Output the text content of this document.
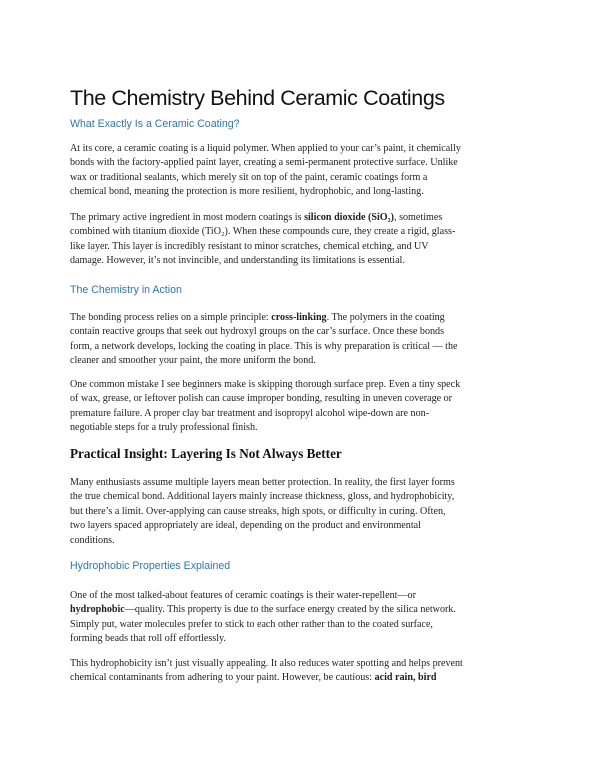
The Chemistry Behind Ceramic Coatings
What Exactly Is a Ceramic Coating?

At its core, a ceramic coating is a liquid polymer. When applied to your car’s paint, it chemically
bonds with the factory-applied paint layer, creating a semi-permanent protective surface. Unlike
wax or traditional sealants, which merely sit on top of the paint, ceramic coatings form a
chemical bond, meaning the protection is more resilient, hydrophobic, and long-lasting.

The primary active ingredient in most modern coatings is silicon dioxide (SiO₂), sometimes
combined with titanium dioxide (TiO₂). When these compounds cure, they create a rigid, glass-
like layer. This layer is incredibly resistant to minor scratches, chemical etching, and UV
damage. However, it’s not invincible, and understanding its limitations is essential.

The Chemistry in Action

The bonding process relies on a simple principle: cross-linking. The polymers in the coating
contain reactive groups that seek out hydroxyl groups on the car’s surface. Once these bonds
form, a network develops, locking the coating in place. This is why preparation is critical — the
cleaner and smoother your paint, the more uniform the bond.

One common mistake I see beginners make is skipping thorough surface prep. Even a tiny speck
of wax, grease, or leftover polish can cause improper bonding, resulting in uneven coverage or
premature failure. A proper clay bar treatment and isopropyl alcohol wipe-down are non-
negotiable steps for a truly professional finish.

Practical Insight: Layering Is Not Always Better

Many enthusiasts assume multiple layers mean better protection. In reality, the first layer forms
the true chemical bond. Additional layers mainly increase thickness, gloss, and hydrophobicity,
but there’s a limit. Over-applying can cause streaks, high spots, or difficulty in curing. Often,
two layers spaced appropriately are ideal, depending on the product and environmental
conditions.

Hydrophobic Properties Explained

One of the most talked-about features of ceramic coatings is their water-repellent—or
hydrophobic—quality. This property is due to the surface energy created by the silica network.
Simply put, water molecules prefer to stick to each other rather than to the coated surface,
forming beads that roll off effortlessly.

This hydrophobicity isn’t just visually appealing. It also reduces water spotting and helps prevent
chemical contaminants from adhering to your paint. However, be cautious: acid rain, bird
